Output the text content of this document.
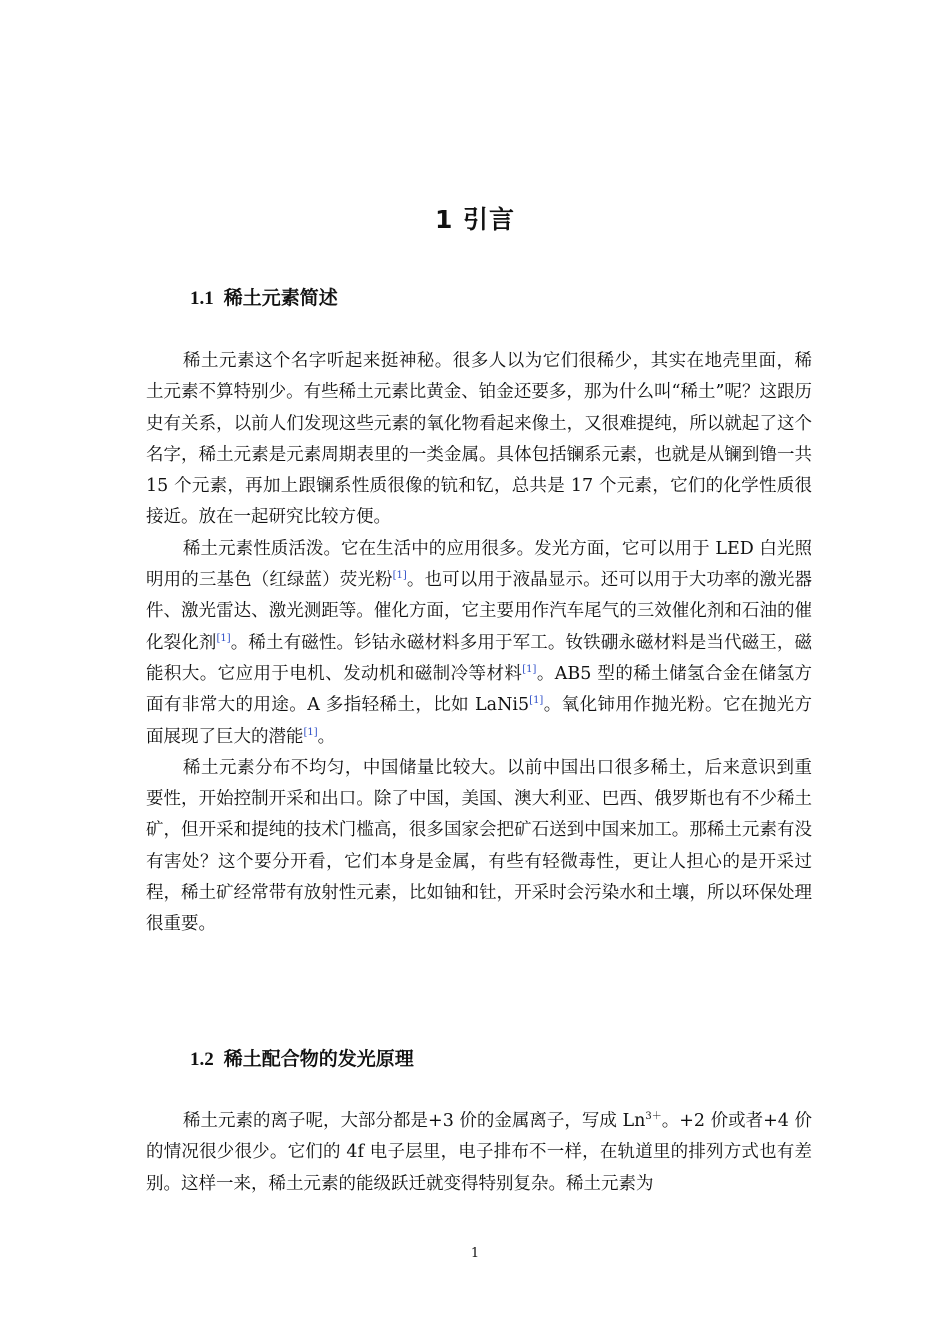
1 引言
1.1 稀土元素简述

稀土元素这个名字听起来挺神秘。很多人以为它们很稀少，其实在地壳里面，稀土元素不算特别少。有些稀土元素比黄金、铂金还要多，那为什么叫“稀土”呢？这跟历史有关系，以前人们发现这些元素的氧化物看起来像土，又很难提纯，所以就起了这个名字，稀土元素是元素周期表里的一类金属。具体包括镧系元素，也就是从镧到镥一共 15 个元素，再加上跟镧系性质很像的钪和钇，总共是 17 个元素，它们的化学性质很接近。放在一起研究比较方便。

稀土元素性质活泼。它在生活中的应用很多。发光方面，它可以用于 LED 白光照明用的三基色（红绿蓝）荧光粉[1]。也可以用于液晶显示。还可以用于大功率的激光器件、激光雷达、激光测距等。催化方面，它主要用作汽车尾气的三效催化剂和石油的催化裂化剂[1]。稀土有磁性。钐钴永磁材料多用于军工。钕铁硼永磁材料是当代磁王，磁能积大。它应用于电机、发动机和磁制冷等材料[1]。AB5 型的稀土储氢合金在储氢方面有非常大的用途。A 多指轻稀土，比如 LaNi5[1]。氧化铈用作抛光粉。它在抛光方面展现了巨大的潜能[1]。

稀土元素分布不均匀，中国储量比较大。以前中国出口很多稀土，后来意识到重要性，开始控制开采和出口。除了中国，美国、澳大利亚、巴西、俄罗斯也有不少稀土矿，但开采和提纯的技术门槛高，很多国家会把矿石送到中国来加工。那稀土元素有没有害处？这个要分开看，它们本身是金属，有些有轻微毒性，更让人担心的是开采过程，稀土矿经常带有放射性元素，比如铀和钍，开采时会污染水和土壤，所以环保处理很重要。

1.2 稀土配合物的发光原理

稀土元素的离子呢，大部分都是+3 价的金属离子，写成 $Ln^{3+}$。+2 价或者+4 价的情况很少很少。它们的 4f 电子层里，电子排布不一样，在轨道里的排列方式也有差别。这样一来，稀土元素的能级跃迁就变得特别复杂。稀土元素为

1
